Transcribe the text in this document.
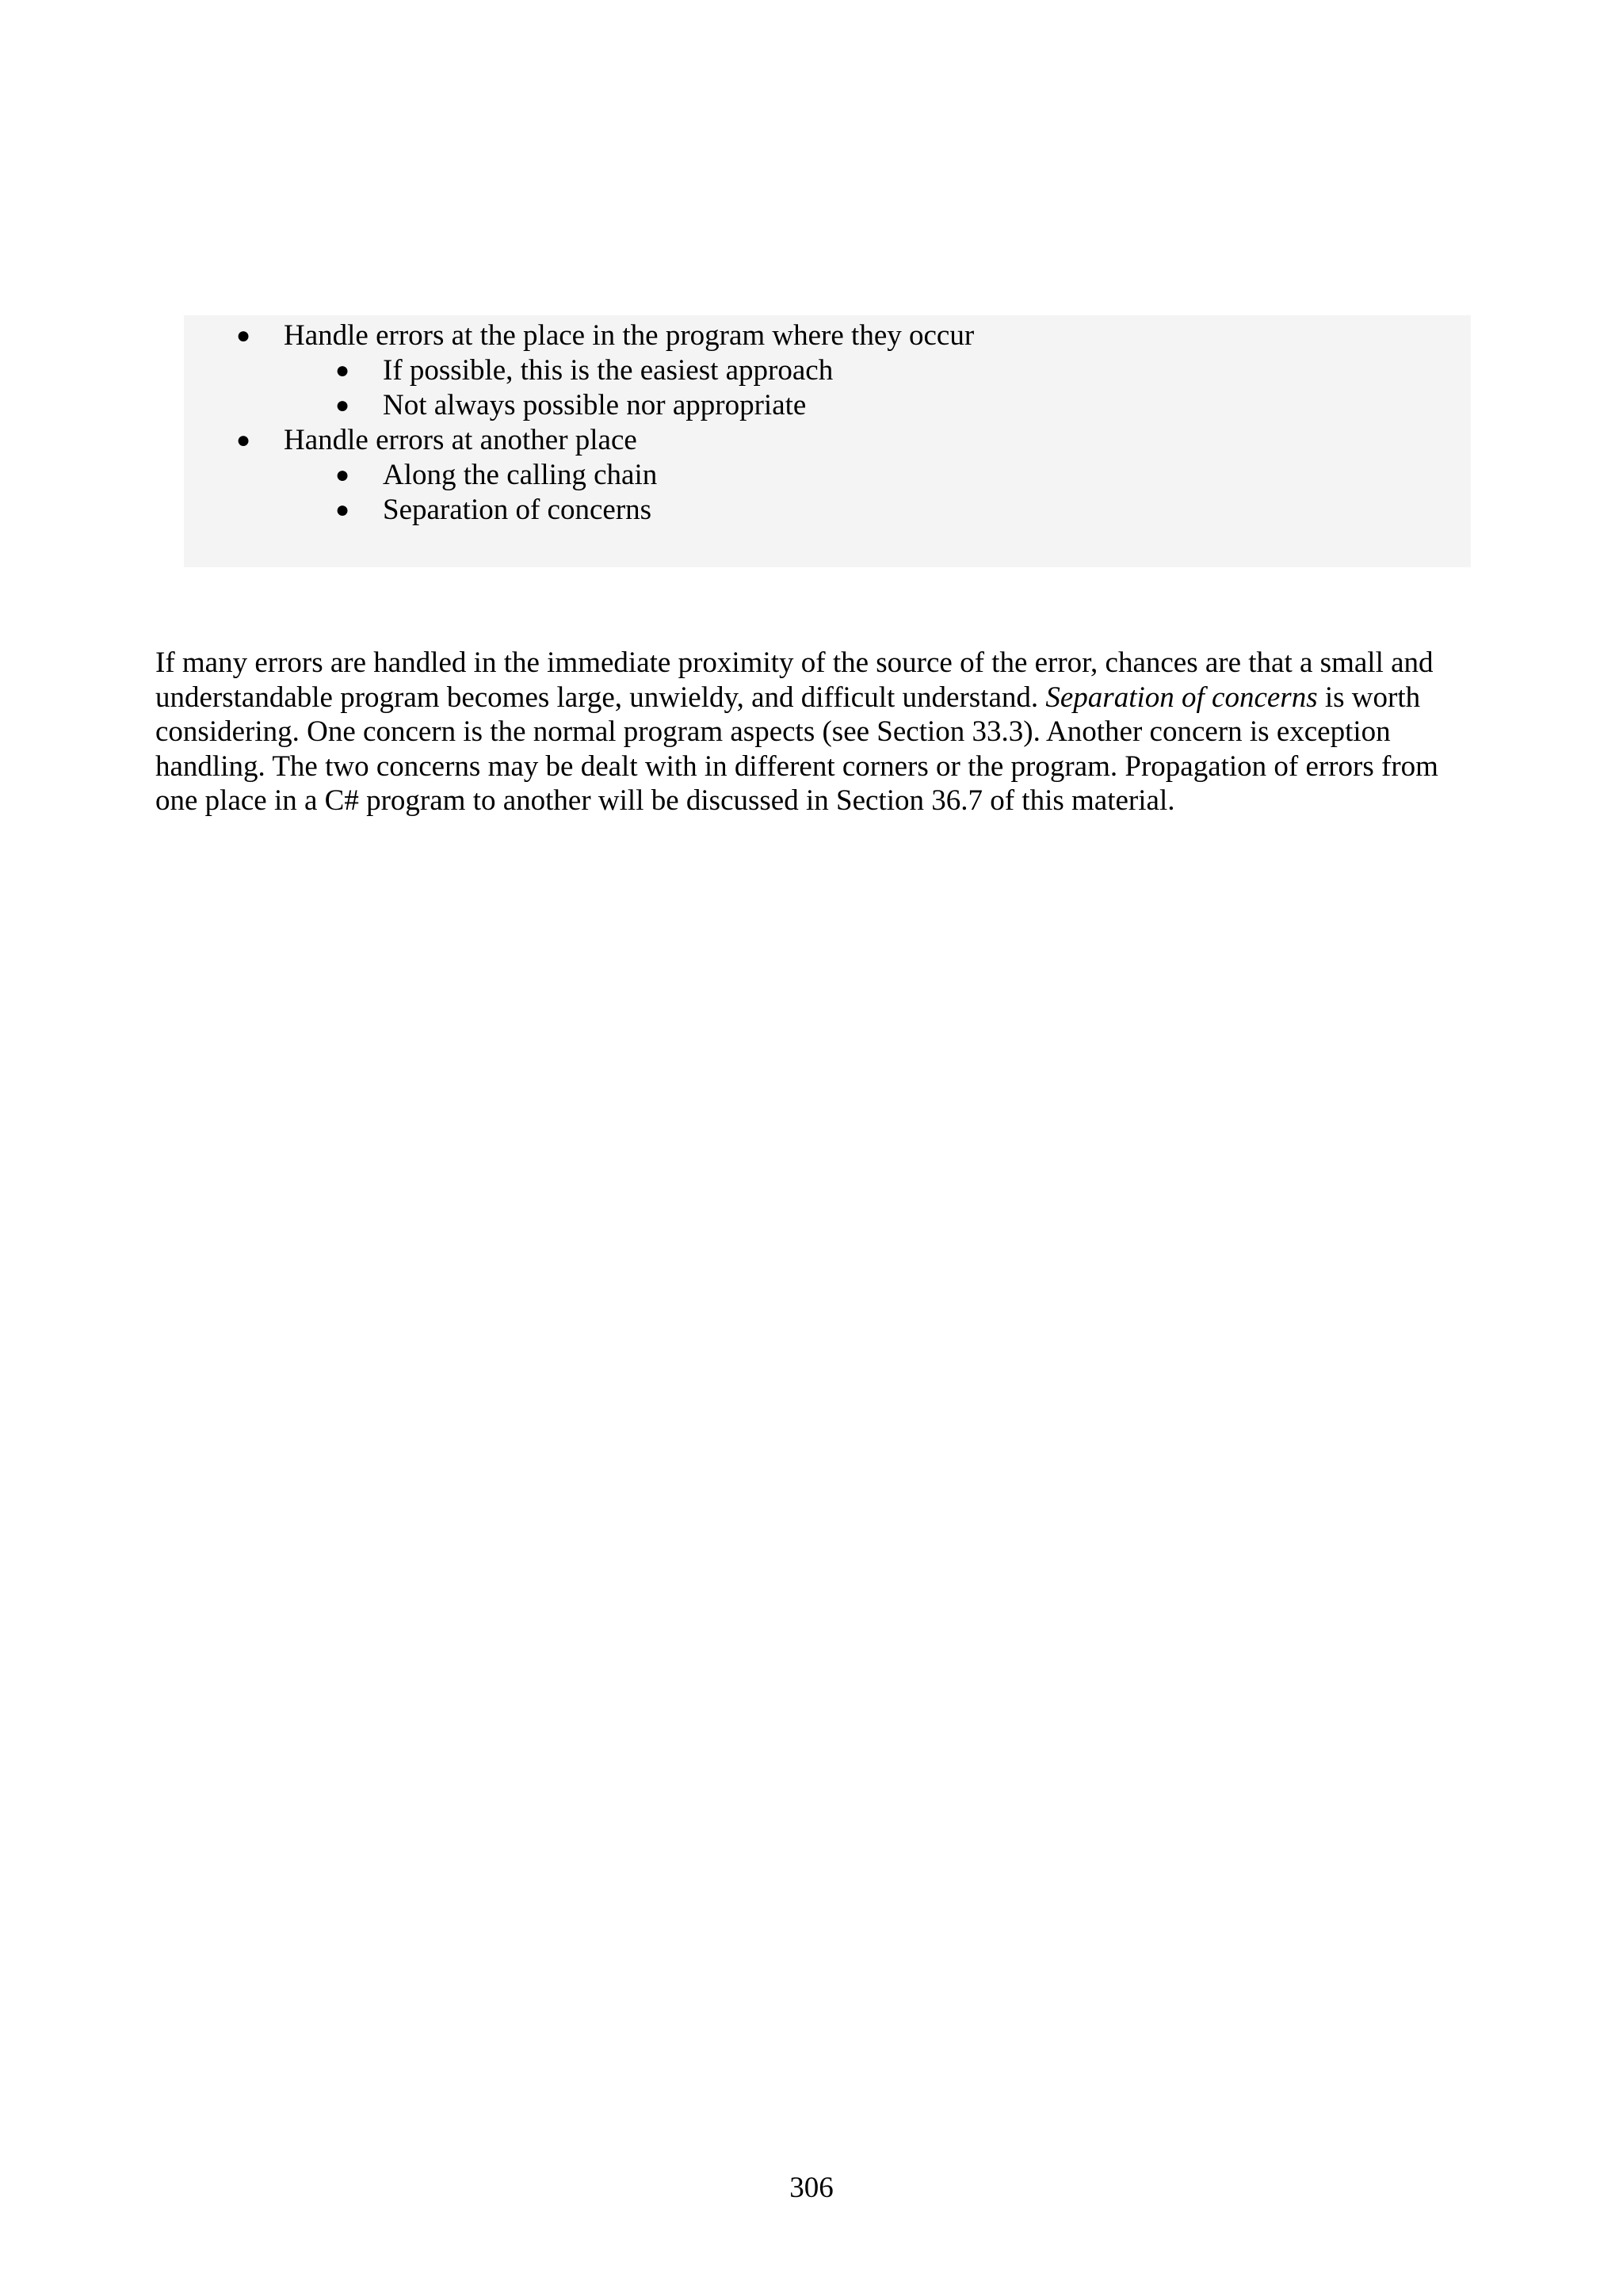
● Handle errors at the place in the program where they occur
● If possible, this is the easiest approach
● Not always possible nor appropriate
● Handle errors at another place
● Along the calling chain
● Separation of concerns

If many errors are handled in the immediate proximity of the source of the error, chances are that a small and understandable program becomes large, unwieldy, and difficult understand. Separation of concerns is worth considering. One concern is the normal program aspects (see Section 33.3). Another concern is exception handling. The two concerns may be dealt with in different corners or the program. Propagation of errors from one place in a C# program to another will be discussed in Section 36.7 of this material.

306
